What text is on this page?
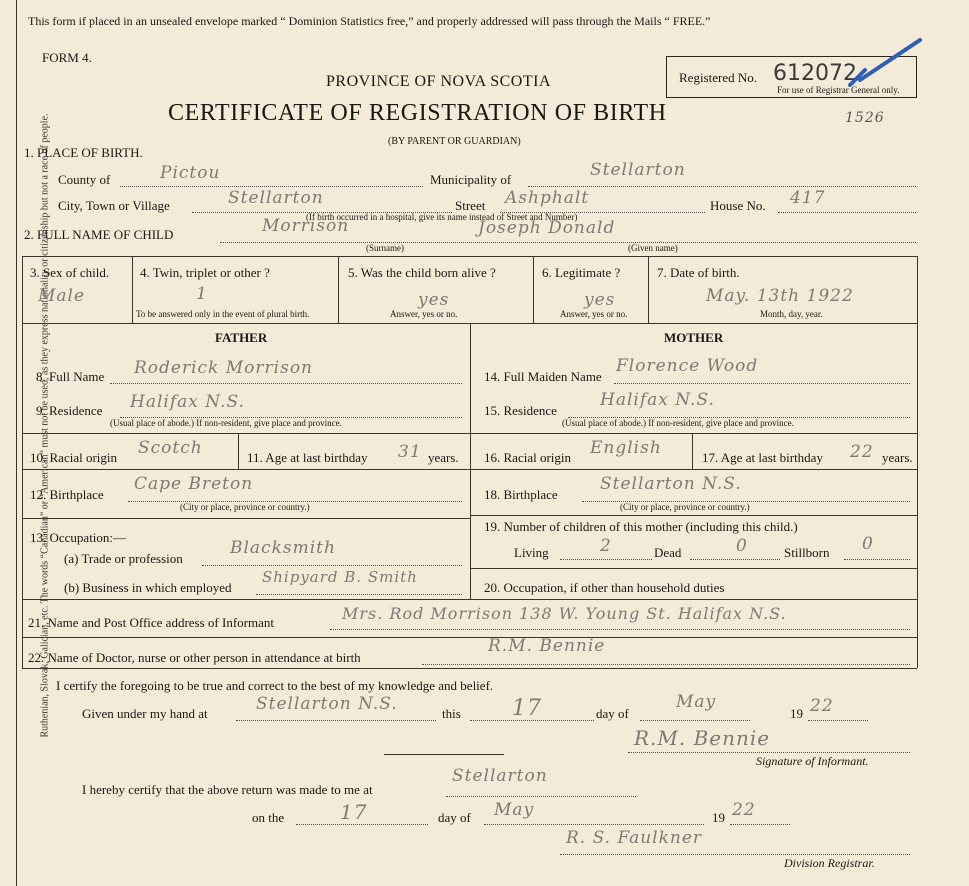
Ruthenian, Slovak, Galician, etc. The words “Canadian” or “American” must not be used, as they express nationality or citizenship but not a race of people.
This form if placed in an unsealed envelope marked “ Dominion Statistics free,” and properly addressed will pass through the Mails “ FREE.”
FORM 4.
PROVINCE OF NOVA SCOTIA
CERTIFICATE OF REGISTRATION OF BIRTH
(BY PARENT OR GUARDIAN)
Registered No. 612072
For use of Registrar General only.
1526
1. PLACE OF BIRTH.
County of	Pictou	Municipality of	Stellarton
City, Town or Village	Stellarton	Street Ashphalt	House No. 417
(If birth occurred in a hospital, give its name instead of Street and Number)
2. FULL NAME OF CHILD	Morrison	Joseph Donald
(Surname)	(Given name)
3. Sex of child.
Male
4. Twin, triplet or other ?
1
To be answered only in the event of plural birth.
5. Was the child born alive ?
yes
Answer, yes or no.
6. Legitimate ?
yes
Answer, yes or no.
7. Date of birth.
May. 13th 1922
Month, day, year.
FATHER	MOTHER
8. Full Name Roderick Morrison
9. Residence Halifax N.S.
(Usual place of abode.) If non-resident, give place and province.
10. Racial origin Scotch	11. Age at last birthday 31 years.
12. Birthplace
Cape Breton
(City or place, province or country.)
13. Occupation:—
(a) Trade or profession
Blacksmith
(b) Business in which employed
Shipyard B. Smith
14. Full Maiden Name
Florence Wood
15. Residence
Halifax N.S.
(Usual place of abode.) If non-resident, give place and province.
16. Racial origin English	17. Age at last birthday 22 years.
18. Birthplace
Stellarton N.S.
(City or place, province or country.)
19. Number of children of this mother (including this child.)
Living	2	Dead	0	Stillborn 0
20. Occupation, if other than household duties
21. Name and Post Office address of Informant	Mrs. Rod Morrison 138 W. Young St. Halifax N.S.
22. Name of Doctor, nurse or other person in attendance at birth
R.M. Bennie
I certify the foregoing to be true and correct to the best of my knowledge and belief.
Given under my hand at	Stellarton N.S.	this 17	day of
May
19 22
R.M. Bennie
Signature of Informant.
I hereby certify that the above return was made to me at
Stellarton
on the	17	day of May	19 22
R. S. Faulkner
Division Registrar.
